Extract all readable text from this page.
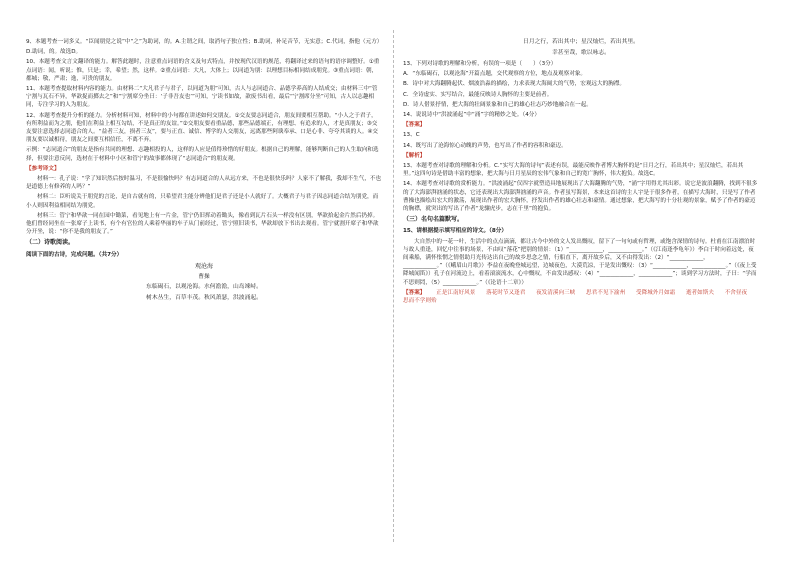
9、本题考查一词多义。“臣闻朋党之说”中“之”为助词，的。A.主谓之间，取消句子独立性；B.助词，补足音节，无实意；C.代词，指他（元方）

D.助词，的。故选D。

10、本题考查文言文翻译的能力。解答此题时，注意重点词语的含义及句式特点，并按现代汉语的规范，将翻译过来的语句的语序调整好。①重点词语：闻，听说；惟，只是；幸，希望；然，这样。②重点词语：大凡，大体上；以同道为朋：以理想目标相同结成朋党。③重点词语：朝，都城；敬，严肃；逸，可贵的朋友。

11、本题考查提取材料内容的能力。由材料二“大凡君子与君子，以同道为朋”可知，古人与志同道合、品德学养高的人结成交；由材料三中“管宁割与瓦石不异，华歆捉而掷去之”和“宁割席分坐曰：‘子非吾友也’”可知，宁读书如故，歆废书出看，最后“宁割席分坐”可知，古人以志趣相同，专注学习的人为朋友。

12、本题考查提升分析的能力。分析材料可知，材料中的小句都在讲述如何交朋友。①交友要志同道合，朋友间要相互帮助。“小人之于君子，有所利益而为之朋，他们在利益上相互勾结，不是真正的友谊。”②交朋友要看重品德，那些品德端正，有理想、有追求的人，才是真朋友；③交友要注意选择志同道合的人。“益者三友，损者三友”，要与正直、诚信、博学的人交朋友，远离那些阿谀奉承、口是心非、夸夸其谈的人。④交朋友要以诚相待，朋友之间要互相信任，不离不弃。

示例：“志同道合”的朋友是指有共同的理想、志趣相投的人，这样的人应是值得珍惜的好朋友。根据自己的理解，能够判断自己的人生取向和选择，但要注意反问，选材在于材料中小区和管宁的故事都体现了“志同道合”的朋友观。

【参考译文】

材料一：孔子说：“学了知识然后按时温习，不是很愉快吗？有志同道合的人从远方来，不也是很快乐吗？人家不了解我，我却不生气，不也是道德上有修养的人吗？”

材料二：臣听说关于朋党的言论，是自古就有的，只希望君主能分辨他们是君子还是小人就好了。大概君子与君子因志同道合结为朋党，而小人则因利益相同结为朋党。

材料三：管宁和华歆一同在园中锄菜，看见地上有一片金，管宁仍旧挥动着锄头，像看到瓦片石头一样没有区别，华歆拾起金片然后扔掉。他们曾经同坐在一张席子上读书，有个有官位的人乘着华丽的车子从门前经过，管宁照旧读书，华歆却放下书出去观看。管宁就割开席子和华歆分开坐，说：“你不是我的朋友了。”

（二）诗歌阅读。

阅读下面的古诗，完成问题。（共7分）

观沧海

曹操

东临碣石，以观沧海。水何澹澹，山岛竦峙。

树木丛生，百草丰茂。秋风萧瑟，洪波涌起。

日月之行，若出其中；星汉灿烂，若出其里。

幸甚至哉，歌以咏志。

13、下列对诗歌的理解和分析，有误的一项是（　　）（3分）

A．“东临碣石，以观沧海”开篇点题，交代观察的方位，地点及观察对象。

B．诗中对大海翻腾起伏、烟波浩淼的描绘，力求表现大海阔大的气势，宏观远大的胸襟。

C．全诗虚实、实写结合，最能反映诗人胸怀的主要是前者。

D．诗人借景抒情，把大海的壮阔景象和自己的雄心壮志巧妙地融合在一起。

14、说说诗中“洪波涌起”中“涌”字的精妙之处。（4分）

【答案】

13、C

14、既写出了沧海惊心动魄的声势，也写出了作者的容积和豪迈。

【解析】

13、本题考查对诗歌的理解和分析。C.“实写大海的诗句”表述有误，最能反映作者博大胸怀的是“日月之行，若出其中；星汉灿烂，若出其里。”这四句诗是借助丰富的想象，把大海与日月星辰的宏伟气象和自己的宽广胸怀，伟大抱负。故选C。

14、本题考查对诗歌的赏析能力。“洪波涌起”仅四字就塑造具地展现出了大海翻腾的气势，“涌”字用得尤其出彩。说它是波浪翻腾，找到不很多的了大海澎湃汹涌的状态，它还表现出大海澎湃汹涌的声音。作者虽写海景，本来这首诗的主人宇是于很多作者，在描写大海时，只是写了作者曹操也描绘出宏大的激荡，展现出作者的宏大胸怀，抒发出作者的雄心壮志和豪情。通过想象，把大海写的十分壮观的景象，赋予了作者的豪迈的胸襟，就突出的写出了作者“龙骧虎步，志在千里”的抱负。

（三）名句名篇默写。

15、请根据提示填写相应的诗文。（8分）

大自然中的一花一叶，生活中的点点滴滴，都让古今中外的文人发出慨叹，留下了一句句或有哲理，或饱含深情的诗句。杜甫在江南漂泊时与故人重逢，回忆中往事的场景，不由叹“落花”把别的情景：（1）“____________，____________。”（《江南逢李龟年》）李白于时向着远处，夜间乘船，满怀怅惘之情借助月光传达出自己的故乡思念之情，行船直下，离开故乡后，又不由得发出：（2）“____________，____________。”（《峨眉山月歌》）李益在夜晚登城远望，边城夜色，大漠荒凉，于是发出慨叹：（3）“____________，____________。”（《夜上受降城闻笛》）孔子在河流边上，看着滚滚流水，心中慨叹，不由发出感叹：（4）“____________，____________”；谈到学习方法时，子曰：“学而不思则罔，（5）____________。”（《论语十二章》）

【答案】 正是江南好风景 落花时节又逢君 夜发清溪向三峡 思君不见下渝州 受降城外月如霜 逝者如斯夫 不舍昼夜 思而不学则殆
